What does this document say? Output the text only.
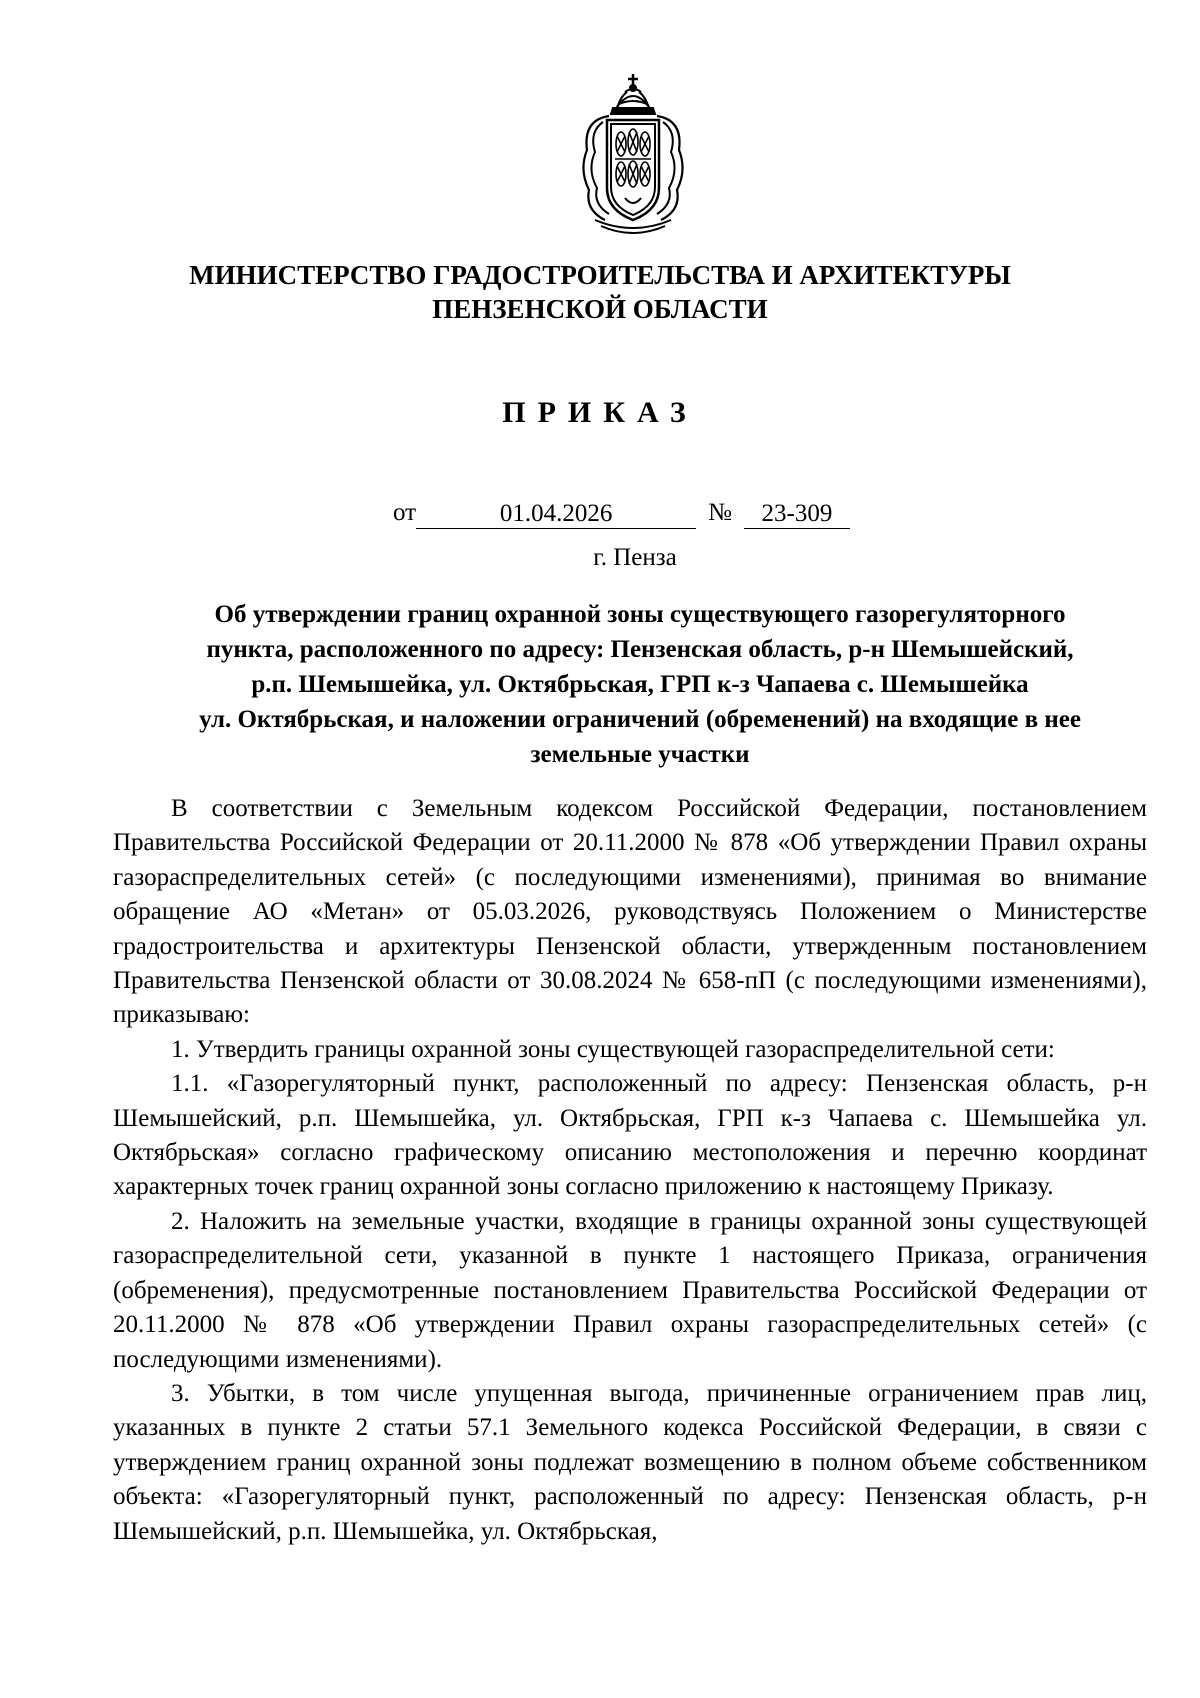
МИНИСТЕРСТВО ГРАДОСТРОИТЕЛЬСТВА И АРХИТЕКТУРЫ
ПЕНЗЕНСКОЙ ОБЛАСТИ
ПРИКАЗ
от	01.04.2026	№ 23-309
г. Пенза
Об утверждении границ охранной зоны существующего газорегуляторного
пункта, расположенного по адресу: Пензенская область, р-н Шемышейский,
р.п. Шемышейка, ул. Октябрьская, ГРП к-з Чапаева с. Шемышейка
ул. Октябрьская, и наложении ограничений (обременений) на входящие в нее
земельные участки

В соответствии с Земельным кодексом Российской Федерации, постановлением Правительства Российской Федерации от 20.11.2000 № 878 «Об утверждении Правил охраны газораспределительных сетей» (с последующими изменениями), принимая во внимание обращение АО «Метан» от 05.03.2026, руководствуясь Положением о Министерстве градостроительства и архитектуры Пензенской области, утвержденным постановлением Правительства Пензенской области от 30.08.2024 № 658-пП (с последующими изменениями), приказываю:

1. Утвердить границы охранной зоны существующей газораспределительной сети:

1.1. «Газорегуляторный пункт, расположенный по адресу: Пензенская область, р-н Шемышейский, р.п. Шемышейка, ул. Октябрьская, ГРП к-з Чапаева с. Шемышейка ул. Октябрьская» согласно графическому описанию местоположения и перечню координат характерных точек границ охранной зоны согласно приложению к настоящему Приказу.

2. Наложить на земельные участки, входящие в границы охранной зоны существующей газораспределительной сети, указанной в пункте 1 настоящего Приказа, ограничения (обременения), предусмотренные постановлением Правительства Российской Федерации от 20.11.2000 № 878 «Об утверждении Правил охраны газораспределительных сетей» (с последующими изменениями).

3. Убытки, в том числе упущенная выгода, причиненные ограничением прав лиц, указанных в пункте 2 статьи 57.1 Земельного кодекса Российской Федерации, в связи с утверждением границ охранной зоны подлежат возмещению в полном объеме собственником объекта: «Газорегуляторный пункт, расположенный по адресу: Пензенская область, р-н Шемышейский, р.п. Шемышейка, ул. Октябрьская,
